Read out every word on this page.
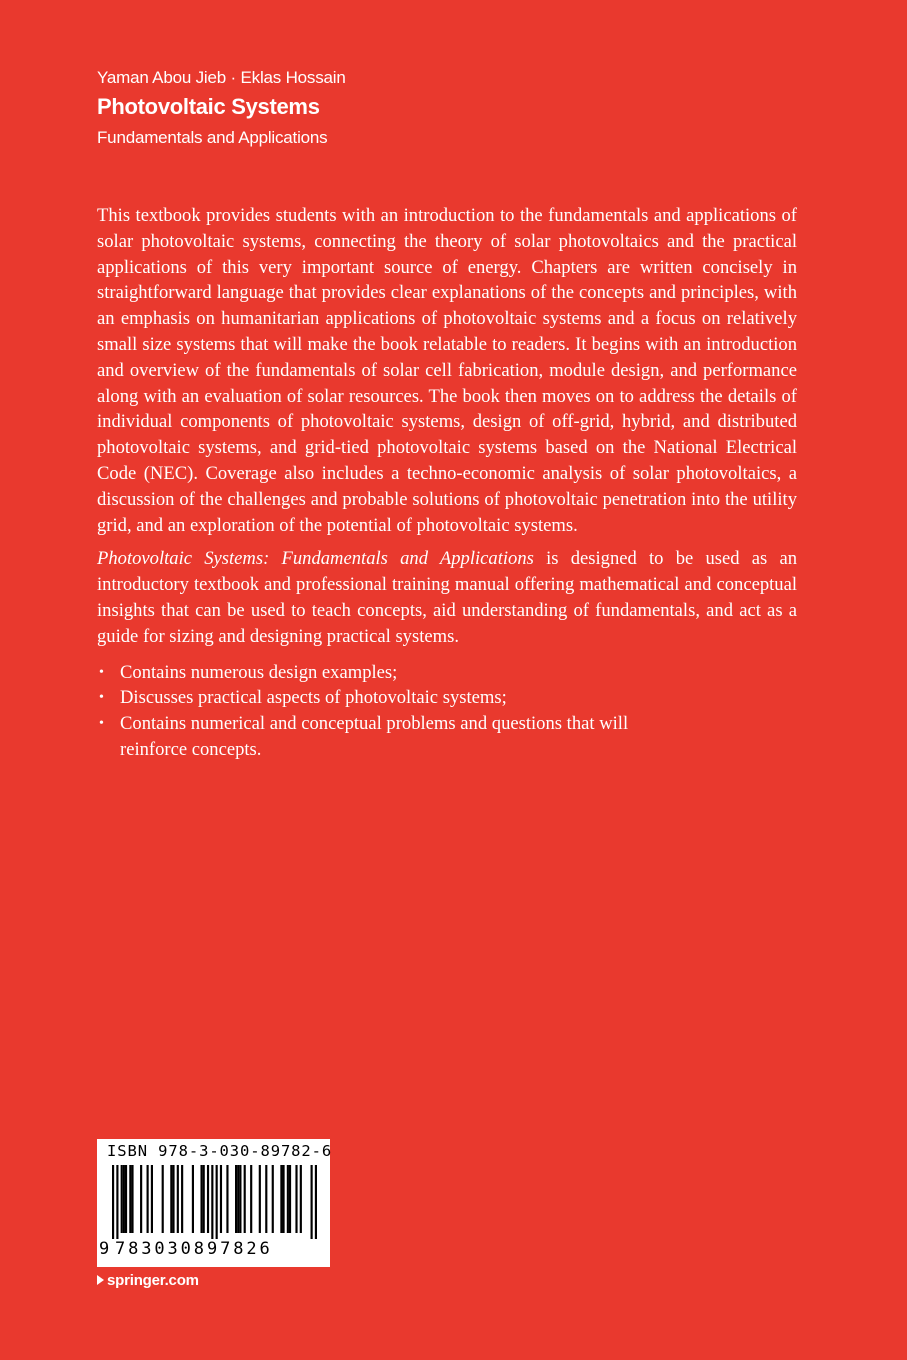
Yaman Abou Jieb · Eklas Hossain
Photovoltaic Systems
Fundamentals and Applications

This textbook provides students with an introduction to the fundamentals and applications of solar photovoltaic systems, connecting the theory of solar photovoltaics and the practical applications of this very important source of energy. Chapters are written concisely in straightforward language that provides clear explanations of the concepts and principles, with an emphasis on humanitarian applications of photovoltaic systems and a focus on relatively small size systems that will make the book relatable to readers. It begins with an introduction and overview of the fundamentals of solar cell fabrication, module design, and performance along with an evaluation of solar resources. The book then moves on to address the details of individual components of photovoltaic systems, design of off-grid, hybrid, and distributed photovoltaic systems, and grid-tied photovoltaic systems based on the National Electrical Code (NEC). Coverage also includes a techno-economic analysis of solar photovoltaics, a discussion of the challenges and probable solutions of photovoltaic penetration into the utility grid, and an exploration of the potential of photovoltaic systems.

Photovoltaic Systems: Fundamentals and Applications is designed to be used as an introductory textbook and professional training manual offering mathematical and conceptual insights that can be used to teach concepts, aid understanding of fundamentals, and act as a guide for sizing and designing practical systems.

• Contains numerous design examples;
• Discusses practical aspects of photovoltaic systems;
• Contains numerical and conceptual problems and questions that will reinforce concepts.
ISBN 978-3-030-89782-6
9 783030897826
springer.com
